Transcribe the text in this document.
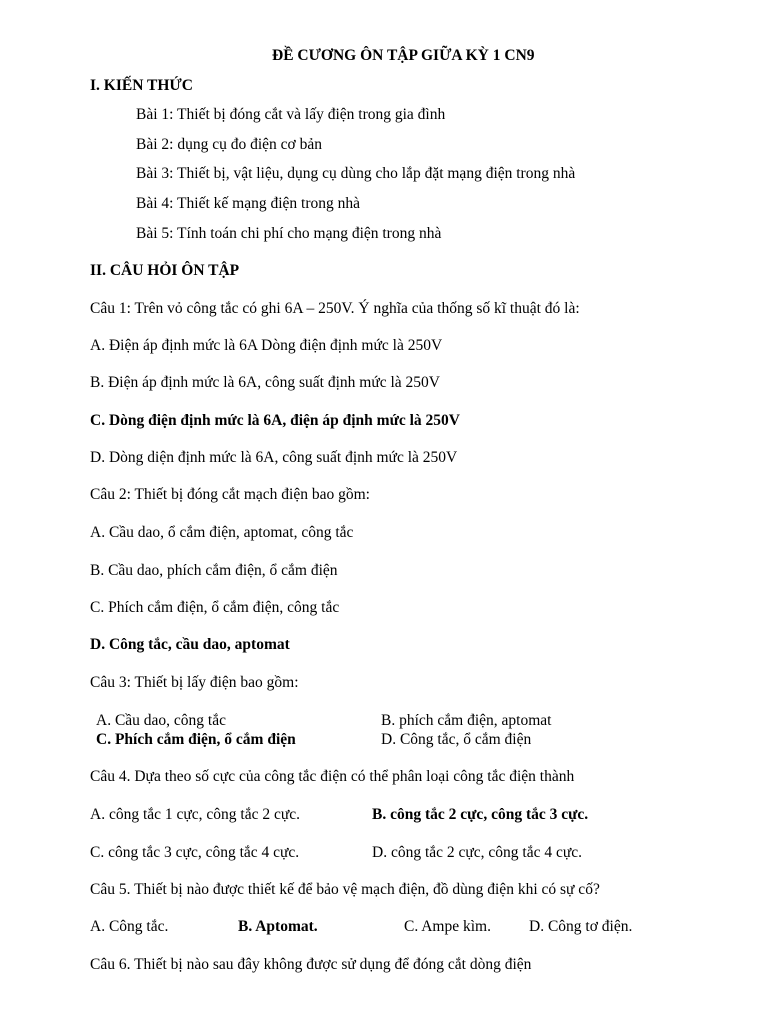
ĐỀ CƯƠNG ÔN TẬP GIỮA KỲ 1 CN9
I. KIẾN THỨC
Bài 1: Thiết bị đóng cắt và lấy điện trong gia đình
Bài 2: dụng cụ đo điện cơ bản
Bài 3: Thiết bị, vật liệu, dụng cụ dùng cho lắp đặt mạng điện trong nhà
Bài 4: Thiết kế mạng điện trong nhà
Bài 5: Tính toán chi phí cho mạng điện trong nhà
II. CÂU HỎI ÔN TẬP
Câu 1: Trên vỏ công tắc có ghi 6A – 250V. Ý nghĩa của thống số kĩ thuật đó là:
A. Điện áp định mức là 6A Dòng điện định mức là 250V
B. Điện áp định mức là 6A, công suất định mức là 250V
C. Dòng điện định mức là 6A, điện áp định mức là 250V
D. Dòng diện định mức là 6A, công suất định mức là 250V
Câu 2: Thiết bị đóng cắt mạch điện bao gồm:
A. Cầu dao, ổ cắm điện, aptomat, công tắc
B. Cầu dao, phích cắm điện, ổ cắm điện
C. Phích cắm điện, ổ cắm điện, công tắc
D. Công tắc, cầu dao, aptomat
Câu 3: Thiết bị lấy điện bao gồm:
A. Cầu dao, công tắc	B. phích cắm điện, aptomat
C. Phích cắm điện, ổ cắm điện	D. Công tắc, ổ cắm điện
Câu 4. Dựa theo số cực của công tắc điện có thể phân loại công tắc điện thành
A. công tắc 1 cực, công tắc 2 cực.	B. công tắc 2 cực, công tắc 3 cực.
C. công tắc 3 cực, công tắc 4 cực.	D. công tắc 2 cực, công tắc 4 cực.
Câu 5. Thiết bị nào được thiết kế để bảo vệ mạch điện, đồ dùng điện khi có sự cố?
A. Công tắc.	B. Aptomat.	C. Ampe kìm. D. Công tơ điện.
Câu 6. Thiết bị nào sau đây không được sử dụng để đóng cắt dòng điện
